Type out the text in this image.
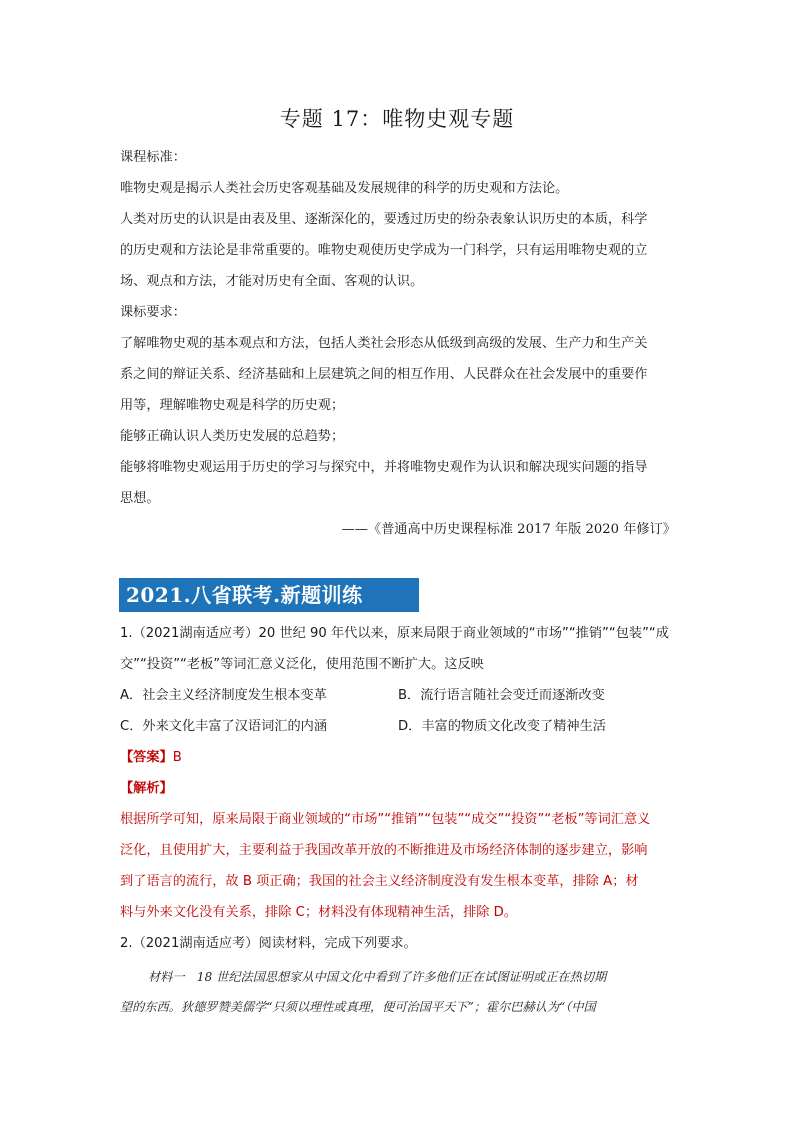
专题 17：唯物史观专题
课程标准：
唯物史观是揭示人类社会历史客观基础及发展规律的科学的历史观和方法论。
人类对历史的认识是由表及里、逐渐深化的，要透过历史的纷杂表象认识历史的本质，科学
的历史观和方法论是非常重要的。唯物史观使历史学成为一门科学，只有运用唯物史观的立
场、观点和方法，才能对历史有全面、客观的认识。
课标要求：
了解唯物史观的基本观点和方法，包括人类社会形态从低级到高级的发展、生产力和生产关
系之间的辩证关系、经济基础和上层建筑之间的相互作用、人民群众在社会发展中的重要作
用等，理解唯物史观是科学的历史观；
能够正确认识人类历史发展的总趋势；
能够将唯物史观运用于历史的学习与探究中，并将唯物史观作为认识和解决现实问题的指导
思想。
——《普通高中历史课程标准 2017 年版 2020 年修订》
2021.八省联考.新题训练
1.（2021湖南适应考）20 世纪 90 年代以来，原来局限于商业领域的“市场”“推销”“包装”“成
交”“投资”“老板”等词汇意义泛化，使用范围不断扩大。这反映
A．社会主义经济制度发生根本变革	B．流行语言随社会变迁而逐渐改变
C．外来文化丰富了汉语词汇的内涵	D．丰富的物质文化改变了精神生活
【答案】B
【解析】
根据所学可知，原来局限于商业领域的“市场”“推销”“包装”“成交”“投资”“老板”等词汇意义
泛化，且使用扩大，主要利益于我国改革开放的不断推进及市场经济体制的逐步建立，影响
到了语言的流行，故 B 项正确；我国的社会主义经济制度没有发生根本变革，排除 A；材
料与外来文化没有关系，排除 C；材料没有体现精神生活，排除 D。
2.（2021湖南适应考）阅读材料，完成下列要求。
材料一　18 世纪法国思想家从中国文化中看到了许多他们正在试图证明或正在热切期
望的东西。狄德罗赞美儒学“只须以理性或真理，便可治国平天下”；霍尔巴赫认为“（中国
